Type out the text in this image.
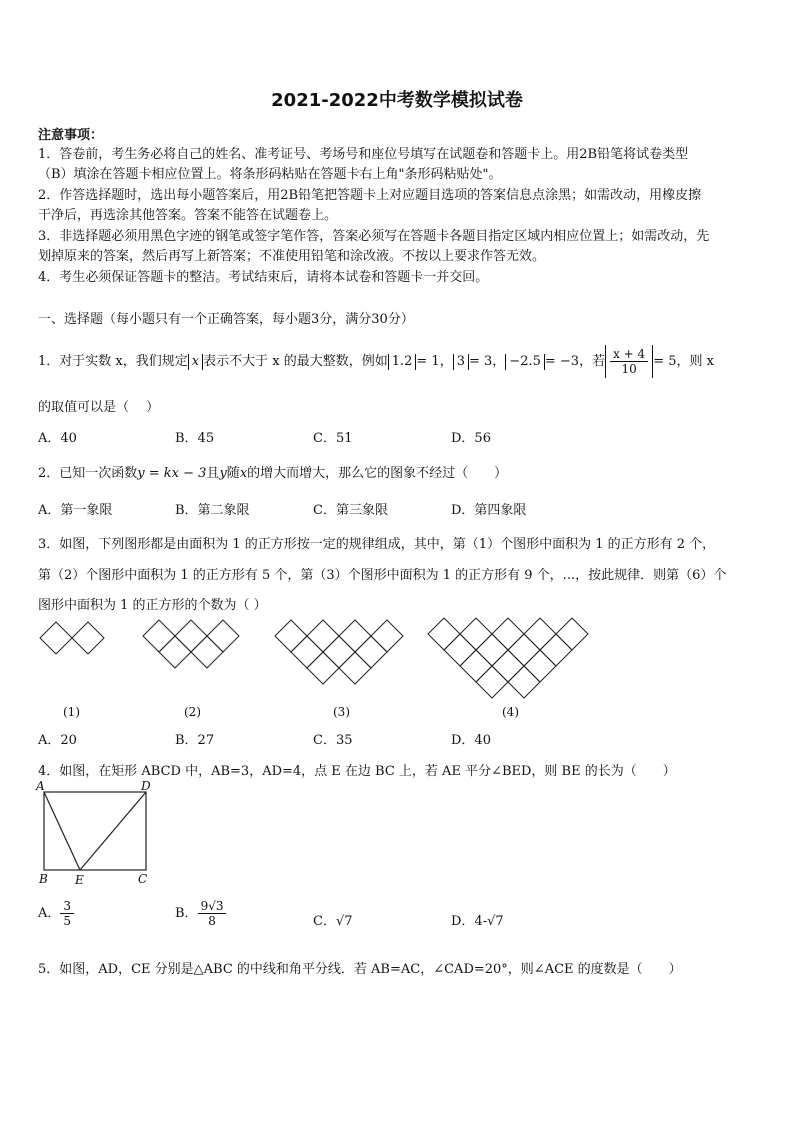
2021-2022中考数学模拟试卷
注意事项：
1．答卷前，考生务必将自己的姓名、准考证号、考场号和座位号填写在试题卷和答题卡上。用2B铅笔将试卷类型
（B）填涂在答题卡相应位置上。将条形码粘贴在答题卡右上角"条形码粘贴处"。
2．作答选择题时，选出每小题答案后，用2B铅笔把答题卡上对应题目选项的答案信息点涂黑；如需改动，用橡皮擦
干净后，再选涂其他答案。答案不能答在试题卷上。
3．非选择题必须用黑色字迹的钢笔或签字笔作答，答案必须写在答题卡各题目指定区域内相应位置上；如需改动，先
划掉原来的答案，然后再写上新答案；不准使用铅笔和涂改液。不按以上要求作答无效。
4．考生必须保证答题卡的整洁。考试结束后，请将本试卷和答题卡一并交回。
一、选择题（每小题只有一个正确答案，每小题3分，满分30分）
1．对于实数 x，我们规定 x 表示不大于 x 的最大整数，例如 1.2 = 1， 3 = 3， −2.5 = −3，若 $\frac{x + 4}{10} = 5$，则 x
的取值可以是（　 ）
A．40	B．45	C．51	D．56
2．已知一次函数y = kx − 3且y随x的增大而增大，那么它的图象不经过（　　）
A．第一象限	B．第二象限	C．第三象限	D．第四象限
3．如图，下列图形都是由面积为 1 的正方形按一定的规律组成，其中，第（1）个图形中面积为 1 的正方形有 2 个，
第（2）个图形中面积为 1 的正方形有 5 个，第（3）个图形中面积为 1 的正方形有 9 个，...，按此规律．则第（6）个
图形中面积为 1 的正方形的个数为（ ）
(1)	(2)	(3)	(4)
A．20	B．27	C．35	D．40
4．如图，在矩形 ABCD 中，AB=3，AD=4，点 E 在边 BC 上，若 AE 平分∠BED，则 BE 的长为（　　）
A	D
B E	C
A． $\frac{3}{5}$	B． $\frac{9√3}{8}$	C．√7	D．4-√7
5．如图，AD，CE 分别是△ABC 的中线和角平分线．若 AB=AC，∠CAD=20°，则∠ACE 的度数是（　　）
